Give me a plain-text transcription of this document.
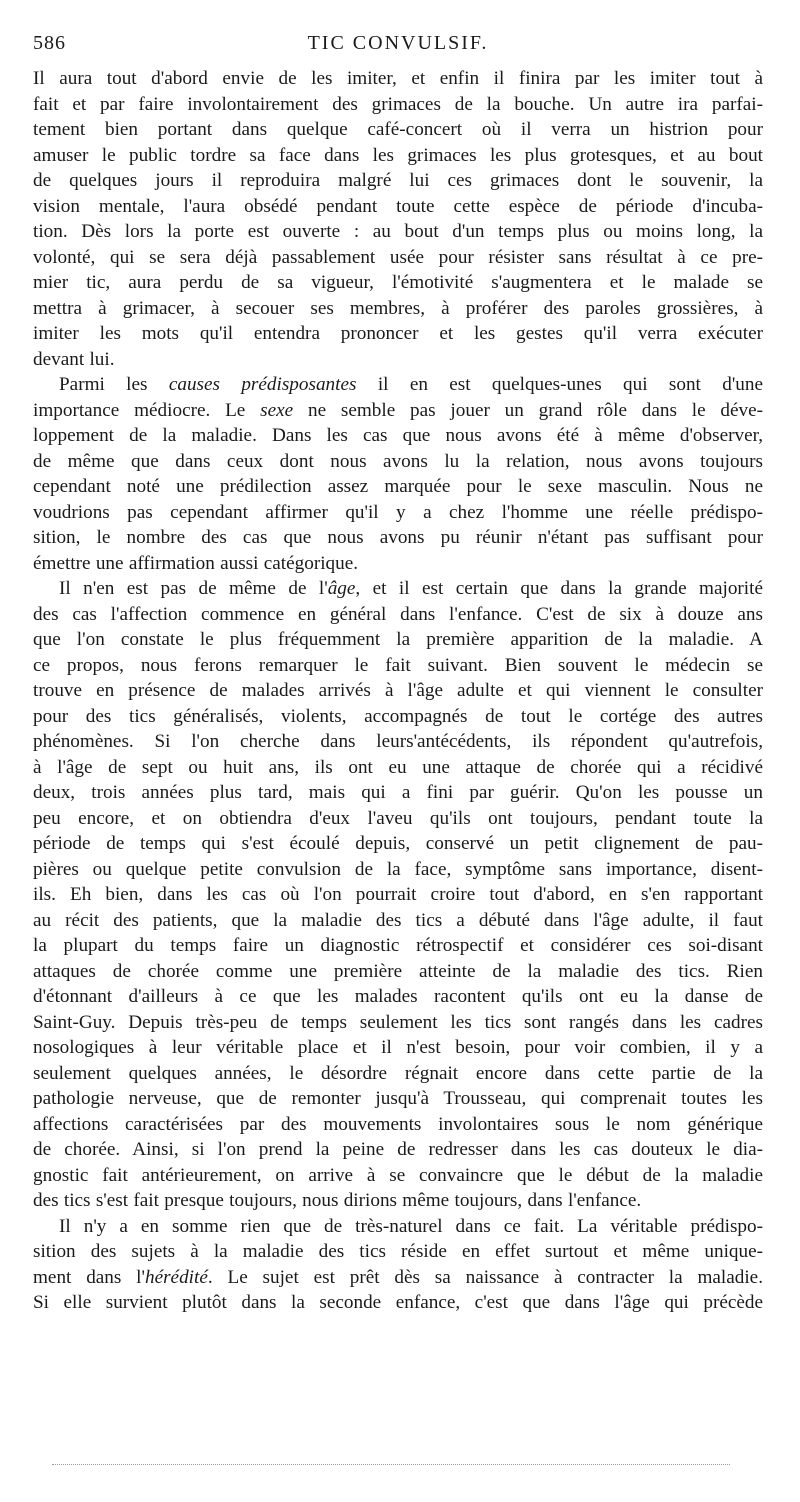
586	TIC CONVULSIF.
Il aura tout d'abord envie de les imiter, et enfin il finira par les imiter tout à
fait et par faire involontairement des grimaces de la bouche. Un autre ira parfai-
tement bien portant dans quelque café-concert où il verra un histrion pour
amuser le public tordre sa face dans les grimaces les plus grotesques, et au bout
de quelques jours il reproduira malgré lui ces grimaces dont le souvenir, la
vision mentale, l'aura obsédé pendant toute cette espèce de période d'incuba-
tion. Dès lors la porte est ouverte : au bout d'un temps plus ou moins long, la
volonté, qui se sera déjà passablement usée pour résister sans résultat à ce pre-
mier tic, aura perdu de sa vigueur, l'émotivité s'augmentera et le malade se
mettra à grimacer, à secouer ses membres, à proférer des paroles grossières, à
imiter les mots qu'il entendra prononcer et les gestes qu'il verra exécuter
devant lui.
Parmi les causes prédisposantes il en est quelques-unes qui sont d'une
importance médiocre. Le sexe ne semble pas jouer un grand rôle dans le déve-
loppement de la maladie. Dans les cas que nous avons été à même d'observer,
de même que dans ceux dont nous avons lu la relation, nous avons toujours
cependant noté une prédilection assez marquée pour le sexe masculin. Nous ne
voudrions pas cependant affirmer qu'il y a chez l'homme une réelle prédispo-
sition, le nombre des cas que nous avons pu réunir n'étant pas suffisant pour
émettre une affirmation aussi catégorique.
Il n'en est pas de même de l'âge, et il est certain que dans la grande majorité
des cas l'affection commence en général dans l'enfance. C'est de six à douze ans
que l'on constate le plus fréquemment la première apparition de la maladie. A
ce propos, nous ferons remarquer le fait suivant. Bien souvent le médecin se
trouve en présence de malades arrivés à l'âge adulte et qui viennent le consulter
pour des tics généralisés, violents, accompagnés de tout le cortége des autres
phénomènes. Si l'on cherche dans leurs'antécédents, ils répondent qu'autrefois,
à l'âge de sept ou huit ans, ils ont eu une attaque de chorée qui a récidivé
deux, trois années plus tard, mais qui a fini par guérir. Qu'on les pousse un
peu encore, et on obtiendra d'eux l'aveu qu'ils ont toujours, pendant toute la
période de temps qui s'est écoulé depuis, conservé un petit clignement de pau-
pières ou quelque petite convulsion de la face, symptôme sans importance, disent-
ils. Eh bien, dans les cas où l'on pourrait croire tout d'abord, en s'en rapportant
au récit des patients, que la maladie des tics a débuté dans l'âge adulte, il faut
la plupart du temps faire un diagnostic rétrospectif et considérer ces soi-disant
attaques de chorée comme une première atteinte de la maladie des tics. Rien
d'étonnant d'ailleurs à ce que les malades racontent qu'ils ont eu la danse de
Saint-Guy. Depuis très-peu de temps seulement les tics sont rangés dans les cadres
nosologiques à leur véritable place et il n'est besoin, pour voir combien, il y a
seulement quelques années, le désordre régnait encore dans cette partie de la
pathologie nerveuse, que de remonter jusqu'à Trousseau, qui comprenait toutes les
affections caractérisées par des mouvements involontaires sous le nom générique
de chorée. Ainsi, si l'on prend la peine de redresser dans les cas douteux le dia-
gnostic fait antérieurement, on arrive à se convaincre que le début de la maladie
des tics s'est fait presque toujours, nous dirions même toujours, dans l'enfance.
Il n'y a en somme rien que de très-naturel dans ce fait. La véritable prédispo-
sition des sujets à la maladie des tics réside en effet surtout et même unique-
ment dans l'hérédité. Le sujet est prêt dès sa naissance à contracter la maladie.
Si elle survient plutôt dans la seconde enfance, c'est que dans l'âge qui précède
